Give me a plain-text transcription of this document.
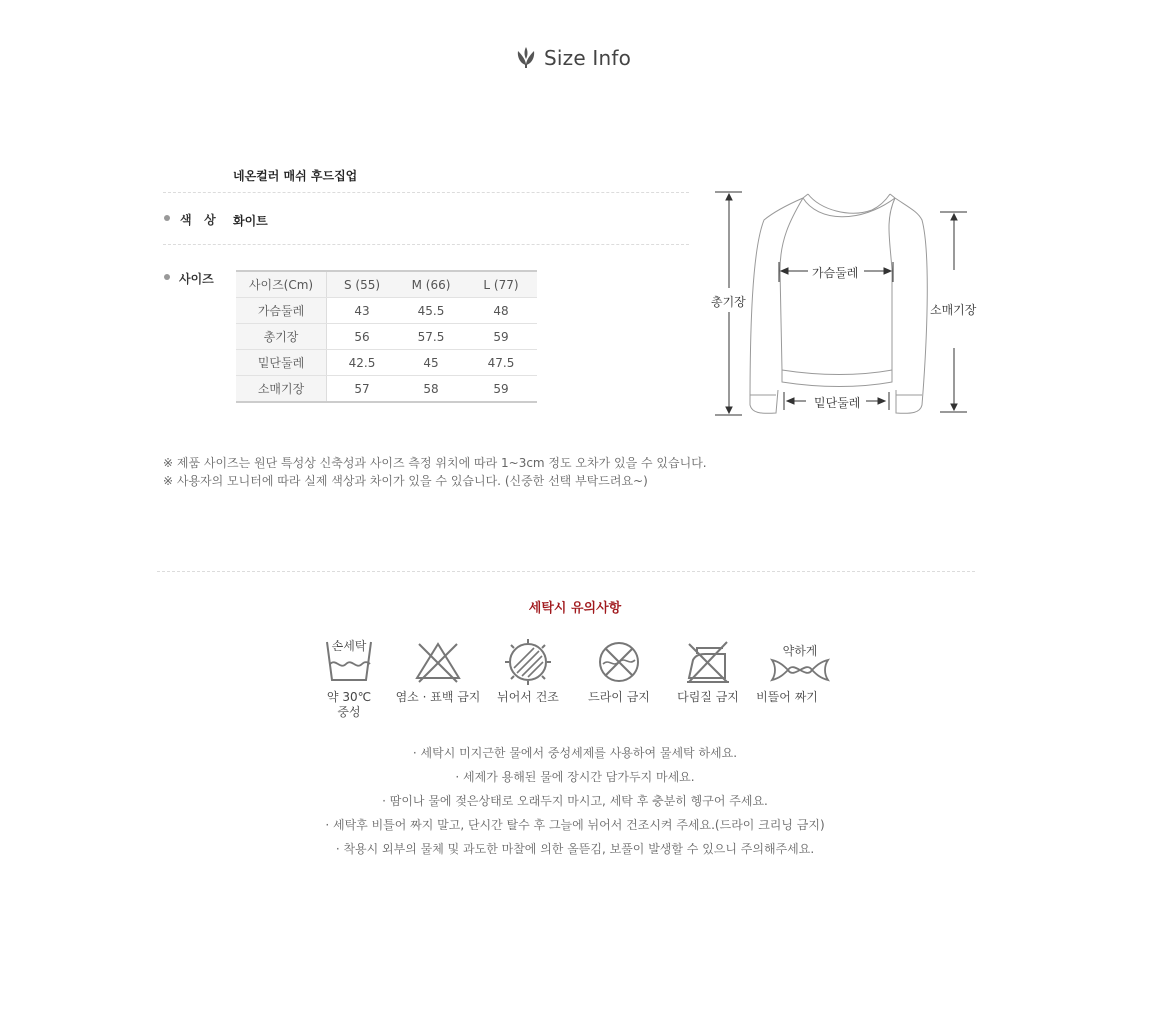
Size Info
네온컬러 매쉬 후드집업
색   상 화이트
사이즈	사이즈(Cm)	S (55)	M (66)	L (77)
가슴둘레	43	45.5	48
총기장	56	57.5	59
밑단둘레	42.5	45	47.5
소매기장	57	58	59
※ 제품 사이즈는 원단 특성상 신축성과 사이즈 측정 위치에 따라 1~3cm 정도 오차가 있을 수 있습니다.
※ 사용자의 모니터에 따라 실제 색상과 차이가 있을 수 있습니다. (신중한 선택 부탁드려요~)
가슴둘레
총기장
소매기장
밑단둘레
세탁시 유의사항
손세탁
약 30℃
중성
염소 · 표백 금지	뉘어서 건조	드라이 금지	다림질 금지
약하게
비뜰어 짜기
· 세탁시 미지근한 물에서 중성세제를 사용하여 물세탁 하세요.
· 세제가 용해된 물에 장시간 담가두지 마세요.
· 땀이나 물에 젖은상태로 오래두지 마시고, 세탁 후 충분히 헹구어 주세요.
· 세탁후 비틀어 짜지 말고, 단시간 탈수 후 그늘에 뉘어서 건조시켜 주세요.(드라이 크리닝 금지)
· 착용시 외부의 물체 및 과도한 마찰에 의한 올뜯김, 보풀이 발생할 수 있으니 주의해주세요.
